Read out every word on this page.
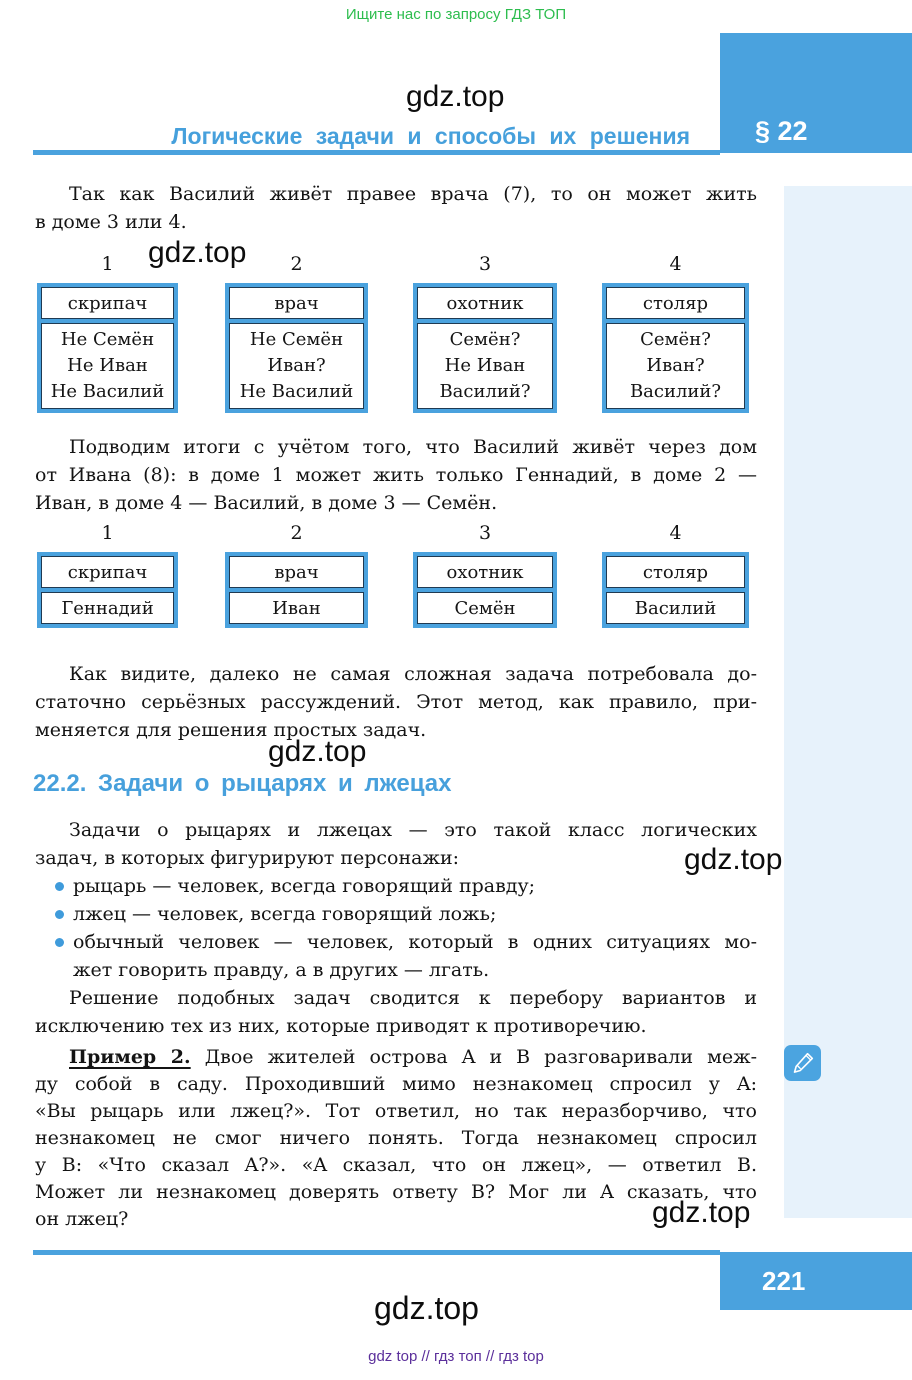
Ищите нас по запросу ГДЗ ТОП
§ 22
Логические задачи и способы их решения
gdz.top
Так как Василий живёт правее врача (7), то он может жить
в доме 3 или 4.
gdz.top
1
скрипач
Не Семён
Не Иван
Не Василий
2
врач
Не Семён
Иван?
Не Василий
3
охотник
Семён?
Не Иван
Василий?
4
столяр
Семён?
Иван?
Василий?
Подводим итоги с учётом того, что Василий живёт через дом
от Ивана (8): в доме 1 может жить только Геннадий, в доме 2 —
Иван, в доме 4 — Василий, в доме 3 — Семён.
1
скрипач
Геннадий
2
врач
Иван
3
охотник
Семён
4
столяр
Василий
Как видите, далеко не самая сложная задача потребовала до-
статочно серьёзных рассуждений. Этот метод, как правило, при-
меняется для решения простых задач.
gdz.top
22.2. Задачи о рыцарях и лжецах
Задачи о рыцарях и лжецах — это такой класс логических
задач, в которых фигурируют персонажи:	gdz.top
рыцарь — человек, всегда говорящий правду;
лжец — человек, всегда говорящий ложь;
обычный человек — человек, который в одних ситуациях мо-
жет говорить правду, а в других — лгать.
Решение подобных задач сводится к перебору вариантов и
исключению тех из них, которые приводят к противоречию.
Пример 2. Двое жителей острова A и B разговаривали меж-
ду собой в саду. Проходивший мимо незнакомец спросил у A:
«Вы рыцарь или лжец?». Тот ответил, но так неразборчиво, что
незнакомец не смог ничего понять. Тогда незнакомец спросил
у B: «Что сказал A?». «A сказал, что он лжец», — ответил B.
Может ли незнакомец доверять ответу B? Мог ли A сказать, что
он лжец?	gdz.top
221
gdz.top
gdz top // гдз топ // гдз top
